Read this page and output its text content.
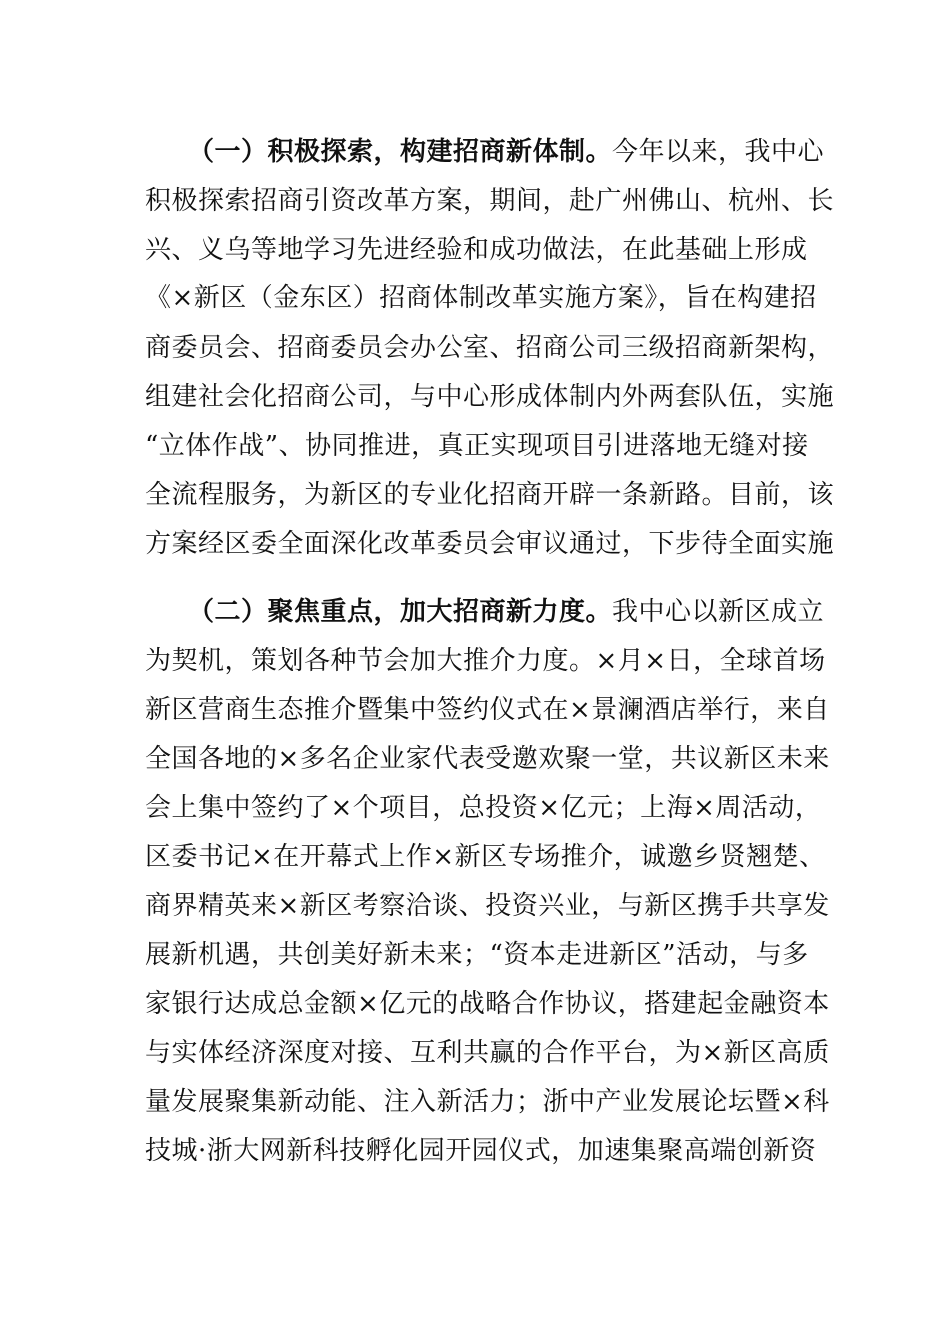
（一）积极探索，构建招商新体制。今年以来，我中心
积极探索招商引资改革方案，期间，赴广州佛山、杭州、长
兴、义乌等地学习先进经验和成功做法，在此基础上形成
《×新区（金东区）招商体制改革实施方案》，旨在构建招
商委员会、招商委员会办公室、招商公司三级招商新架构，
组建社会化招商公司，与中心形成体制内外两套队伍，实施
“立体作战”、协同推进，真正实现项目引进落地无缝对接
全流程服务，为新区的专业化招商开辟一条新路。目前，该
方案经区委全面深化改革委员会审议通过，下步待全面实施
（二）聚焦重点，加大招商新力度。我中心以新区成立
为契机，策划各种节会加大推介力度。×月×日，全球首场
新区营商生态推介暨集中签约仪式在×景澜酒店举行，来自
全国各地的×多名企业家代表受邀欢聚一堂，共议新区未来
会上集中签约了×个项目，总投资×亿元；上海×周活动，
区委书记×在开幕式上作×新区专场推介，诚邀乡贤翘楚、
商界精英来×新区考察洽谈、投资兴业，与新区携手共享发
展新机遇，共创美好新未来；“资本走进新区”活动，与多
家银行达成总金额×亿元的战略合作协议，搭建起金融资本
与实体经济深度对接、互利共赢的合作平台，为×新区高质
量发展聚集新动能、注入新活力；浙中产业发展论坛暨×科
技城·浙大网新科技孵化园开园仪式，加速集聚高端创新资
